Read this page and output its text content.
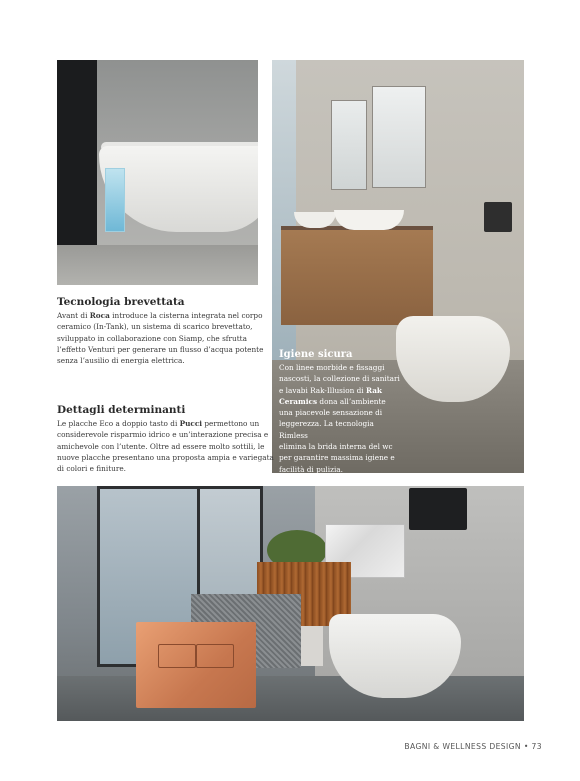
Tecnologia brevettata

Avant di Roca introduce la cisterna integrata nel corpo
ceramico (In-Tank), un sistema di scarico brevettato,
sviluppato in collaborazione con Siamp, che sfrutta
l’effetto Venturi per generare un flusso d’acqua potente
senza l’ausilio di energia elettrica.

Dettagli determinanti

Le placche Eco a doppio tasto di Pucci permettono un
considerevole risparmio idrico e un’interazione precisa e
amichevole con l’utente. Oltre ad essere molto sottili, le
nuove placche presentano una proposta ampia e variegata
di colori e finiture.

Igiene sicura

Con linee morbide e fissaggi
nascosti, la collezione di sanitari
e lavabi Rak-Illusion di Rak
Ceramics dona all’ambiente
una piacevole sensazione di
leggerezza. La tecnologia Rimless
elimina la brida interna del wc
per garantire massima igiene e
facilità di pulizia.
BAGNI & WELLNESS DESIGN • 73
